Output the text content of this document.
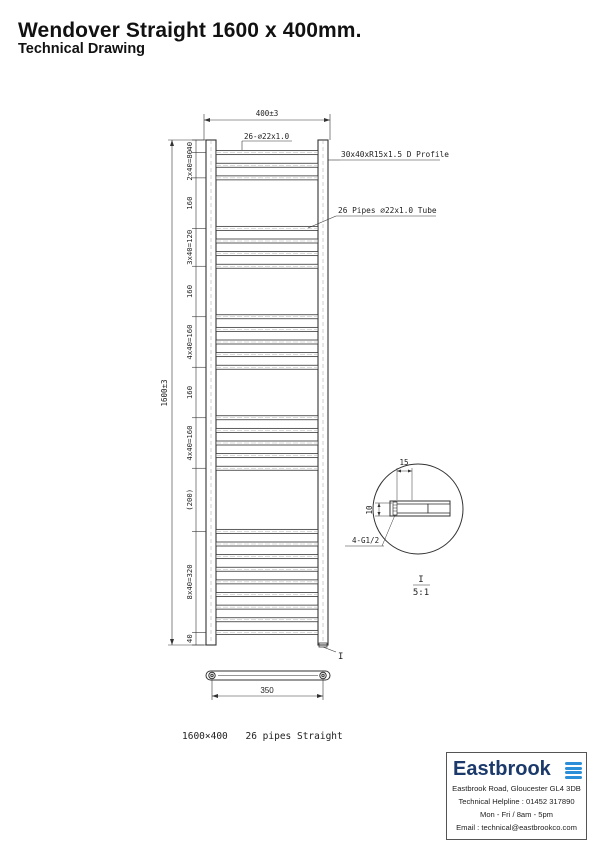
Wendover Straight 1600 x 400mm.
Technical Drawing
400±3
26-⌀22x1.0
30x40xR15x1.5 D Profile
26 Pipes ⌀22x1.0 Tube
1600±3
I
40
2x40=80
160
3x40=120
160
4x40=160
160
4x40=160
(200)
8x40=320
40
350
15
10
4-G1/2
I
5:1
1600×400 26 pipes Straight
Eastbrook
Eastbrook Road, Gloucester GL4 3DB
Technical Helpline : 01452 317890
Mon - Fri / 8am - 5pm
Email : technical@eastbrookco.com
